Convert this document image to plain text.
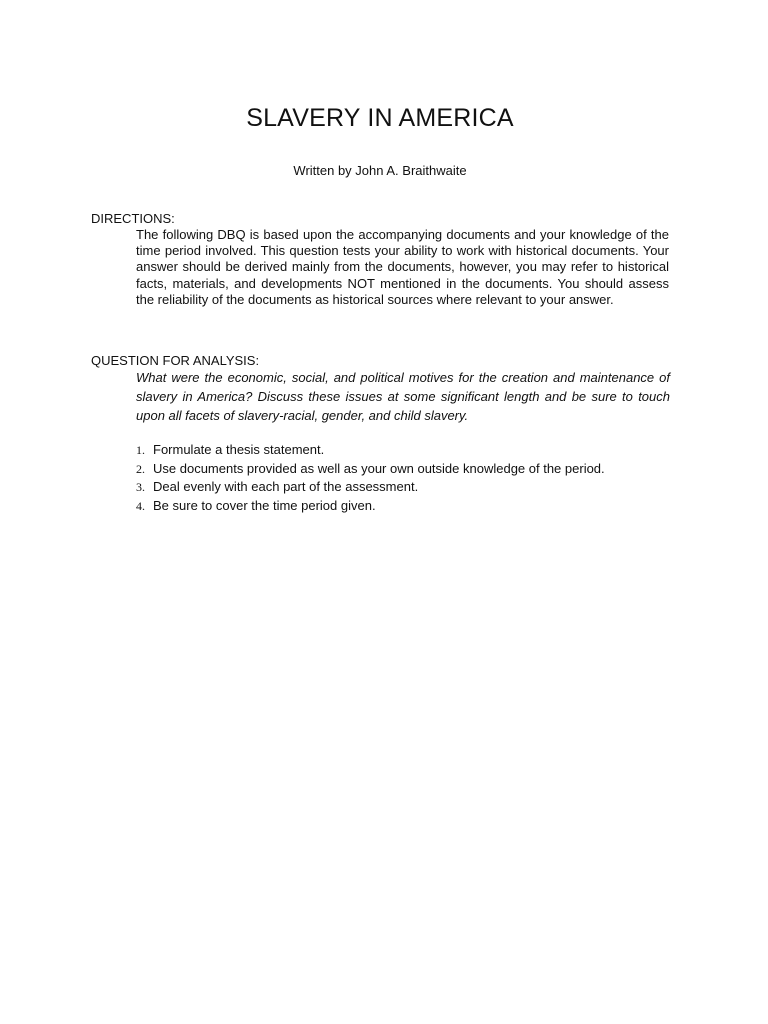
SLAVERY IN AMERICA
Written by John A. Braithwaite
DIRECTIONS:

The following DBQ is based upon the accompanying documents and your knowledge of the time period involved. This question tests your ability to work with historical documents. Your answer should be derived mainly from the documents, however, you may refer to historical facts, materials, and developments NOT mentioned in the documents. You should assess the reliability of the documents as historical sources where relevant to your answer.

QUESTION FOR ANALYSIS:

What were the economic, social, and political motives for the creation and maintenance of slavery in America? Discuss these issues at some significant length and be sure to touch upon all facets of slavery-racial, gender, and child slavery.

1. Formulate a thesis statement.
2. Use documents provided as well as your own outside knowledge of the period.
3. Deal evenly with each part of the assessment.
4. Be sure to cover the time period given.
